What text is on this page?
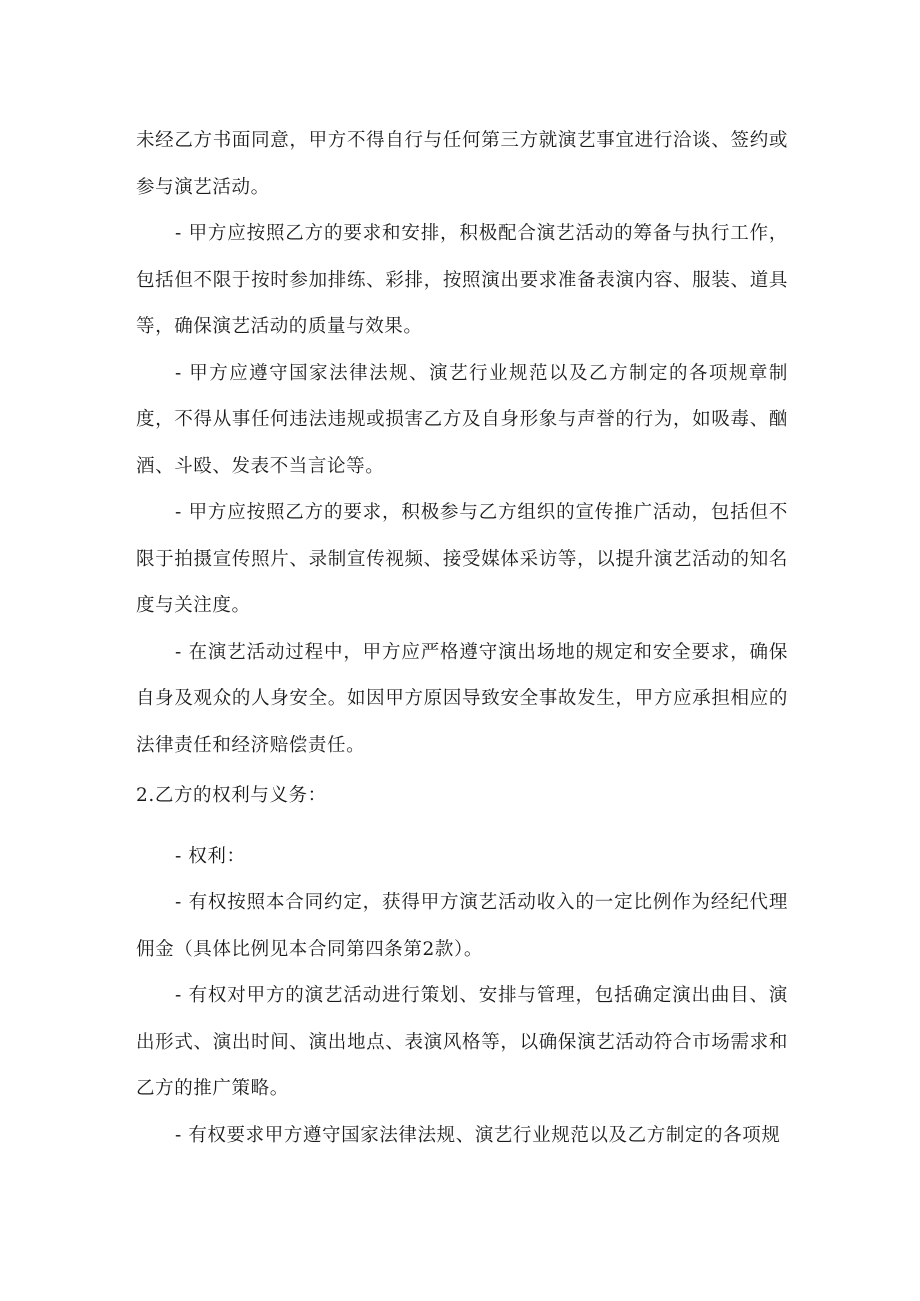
未经乙方书面同意，甲方不得自行与任何第三方就演艺事宜进行洽谈、签约或参与演艺活动。

- 甲方应按照乙方的要求和安排，积极配合演艺活动的筹备与执行工作，包括但不限于按时参加排练、彩排，按照演出要求准备表演内容、服装、道具等，确保演艺活动的质量与效果。

- 甲方应遵守国家法律法规、演艺行业规范以及乙方制定的各项规章制度，不得从事任何违法违规或损害乙方及自身形象与声誉的行为，如吸毒、酗酒、斗殴、发表不当言论等。

- 甲方应按照乙方的要求，积极参与乙方组织的宣传推广活动，包括但不限于拍摄宣传照片、录制宣传视频、接受媒体采访等，以提升演艺活动的知名度与关注度。

- 在演艺活动过程中，甲方应严格遵守演出场地的规定和安全要求，确保自身及观众的人身安全。如因甲方原因导致安全事故发生，甲方应承担相应的法律责任和经济赔偿责任。

2.乙方的权利与义务：

- 权利：

- 有权按照本合同约定，获得甲方演艺活动收入的一定比例作为经纪代理佣金（具体比例见本合同第四条第2款）。

- 有权对甲方的演艺活动进行策划、安排与管理，包括确定演出曲目、演出形式、演出时间、演出地点、表演风格等，以确保演艺活动符合市场需求和乙方的推广策略。

- 有权要求甲方遵守国家法律法规、演艺行业规范以及乙方制定的各项规
